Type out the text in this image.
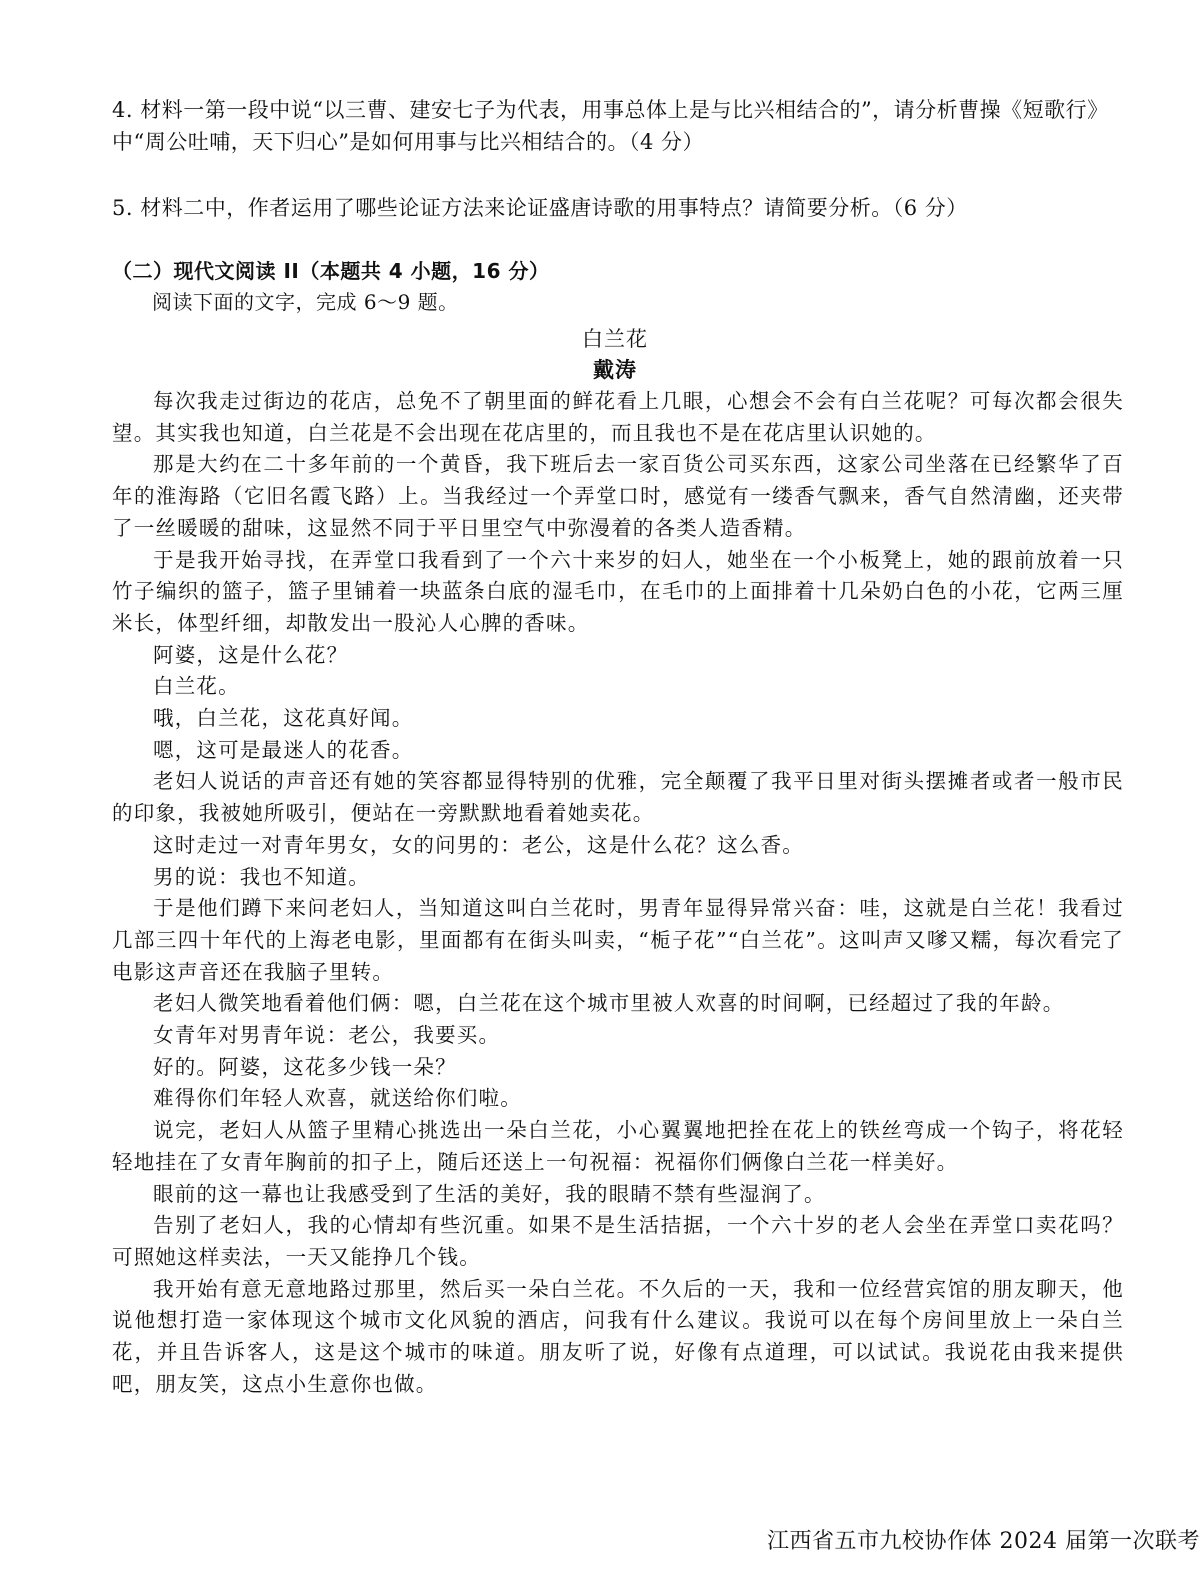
4. 材料一第一段中说“以三曹、建安七子为代表，用事总体上是与比兴相结合的”，请分析曹操《短歌行》中“周公吐哺，天下归心”是如何用事与比兴相结合的。（4 分）
5. 材料二中，作者运用了哪些论证方法来论证盛唐诗歌的用事特点？请简要分析。（6 分）
（二）现代文阅读 II（本题共 4 小题，16 分）
阅读下面的文字，完成 6～9 题。
白兰花
戴涛

每次我走过街边的花店，总免不了朝里面的鲜花看上几眼，心想会不会有白兰花呢？可每次都会很失望。其实我也知道，白兰花是不会出现在花店里的，而且我也不是在花店里认识她的。

那是大约在二十多年前的一个黄昏，我下班后去一家百货公司买东西，这家公司坐落在已经繁华了百年的淮海路（它旧名霞飞路）上。当我经过一个弄堂口时，感觉有一缕香气飘来，香气自然清幽，还夹带了一丝暖暖的甜味，这显然不同于平日里空气中弥漫着的各类人造香精。

于是我开始寻找，在弄堂口我看到了一个六十来岁的妇人，她坐在一个小板凳上，她的跟前放着一只竹子编织的篮子，篮子里铺着一块蓝条白底的湿毛巾，在毛巾的上面排着十几朵奶白色的小花，它两三厘米长，体型纤细，却散发出一股沁人心脾的香味。

阿婆，这是什么花？

白兰花。

哦，白兰花，这花真好闻。

嗯，这可是最迷人的花香。

老妇人说话的声音还有她的笑容都显得特别的优雅，完全颠覆了我平日里对街头摆摊者或者一般市民的印象，我被她所吸引，便站在一旁默默地看着她卖花。

这时走过一对青年男女，女的问男的：老公，这是什么花？这么香。

男的说：我也不知道。

于是他们蹲下来问老妇人，当知道这叫白兰花时，男青年显得异常兴奋：哇，这就是白兰花！我看过几部三四十年代的上海老电影，里面都有在街头叫卖，“栀子花”“白兰花”。这叫声又嗲又糯，每次看完了电影这声音还在我脑子里转。

老妇人微笑地看着他们俩：嗯，白兰花在这个城市里被人欢喜的时间啊，已经超过了我的年龄。

女青年对男青年说：老公，我要买。

好的。阿婆，这花多少钱一朵？

难得你们年轻人欢喜，就送给你们啦。

说完，老妇人从篮子里精心挑选出一朵白兰花，小心翼翼地把拴在花上的铁丝弯成一个钩子，将花轻轻地挂在了女青年胸前的扣子上，随后还送上一句祝福：祝福你们俩像白兰花一样美好。

眼前的这一幕也让我感受到了生活的美好，我的眼睛不禁有些湿润了。

告别了老妇人，我的心情却有些沉重。如果不是生活拮据，一个六十岁的老人会坐在弄堂口卖花吗？可照她这样卖法，一天又能挣几个钱。

我开始有意无意地路过那里，然后买一朵白兰花。不久后的一天，我和一位经营宾馆的朋友聊天，他说他想打造一家体现这个城市文化风貌的酒店，问我有什么建议。我说可以在每个房间里放上一朵白兰花，并且告诉客人，这是这个城市的味道。朋友听了说，好像有点道理，可以试试。我说花由我来提供吧，朋友笑，这点小生意你也做。

江西省五市九校协作体 2024 届第一次联考
